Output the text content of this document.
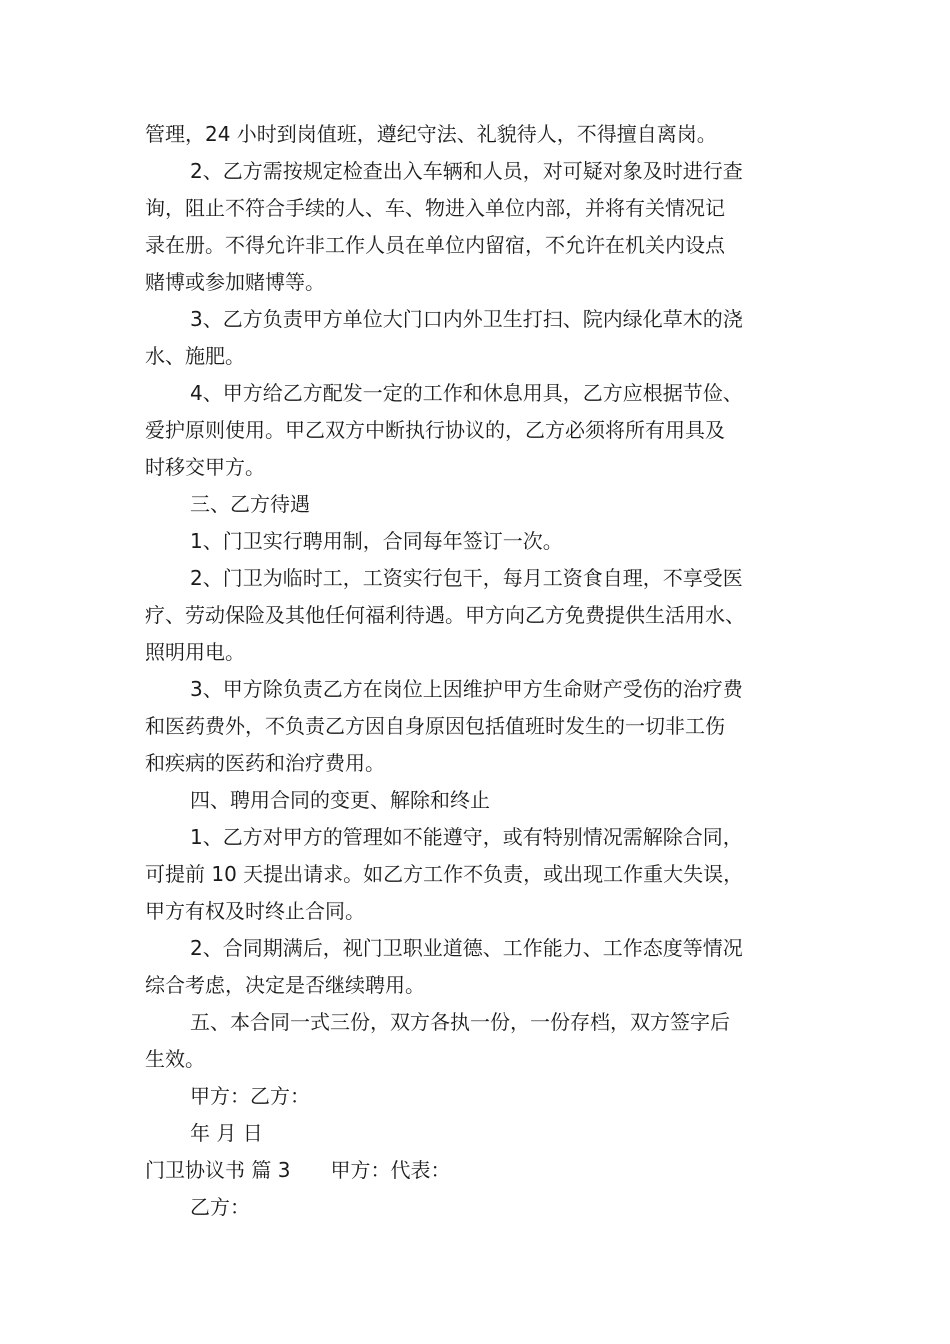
管理，24 小时到岗值班，遵纪守法、礼貌待人，不得擅自离岗。
2、乙方需按规定检查出入车辆和人员，对可疑对象及时进行查
询，阻止不符合手续的人、车、物进入单位内部，并将有关情况记
录在册。不得允许非工作人员在单位内留宿，不允许在机关内设点
赌博或参加赌博等。
3、乙方负责甲方单位大门口内外卫生打扫、院内绿化草木的浇
水、施肥。
4、甲方给乙方配发一定的工作和休息用具，乙方应根据节俭、
爱护原则使用。甲乙双方中断执行协议的，乙方必须将所有用具及
时移交甲方。
三、乙方待遇
1、门卫实行聘用制，合同每年签订一次。
2、门卫为临时工，工资实行包干，每月工资食自理，不享受医
疗、劳动保险及其他任何福利待遇。甲方向乙方免费提供生活用水、
照明用电。
3、甲方除负责乙方在岗位上因维护甲方生命财产受伤的治疗费
和医药费外，不负责乙方因自身原因包括值班时发生的一切非工伤
和疾病的医药和治疗费用。
四、聘用合同的变更、解除和终止
1、乙方对甲方的管理如不能遵守，或有特别情况需解除合同，
可提前 10 天提出请求。如乙方工作不负责，或出现工作重大失误，
甲方有权及时终止合同。
2、合同期满后，视门卫职业道德、工作能力、工作态度等情况
综合考虑，决定是否继续聘用。
五、本合同一式三份，双方各执一份，一份存档，双方签字后
生效。
甲方：乙方：
年 月 日
门卫协议书 篇 3 甲方：代表：
乙方：
